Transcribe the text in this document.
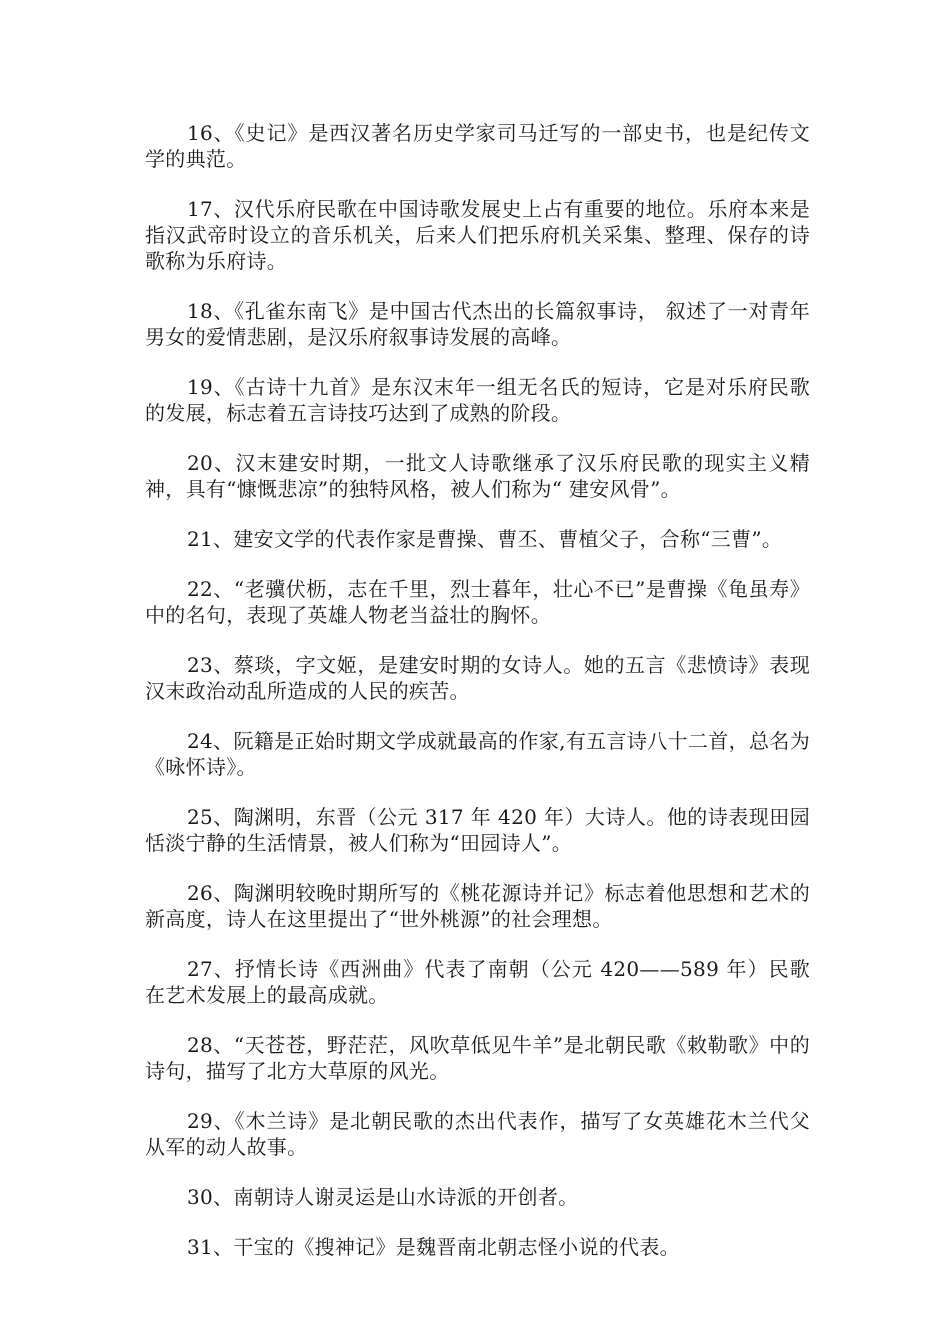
16、《史记》是西汉著名历史学家司马迁写的一部史书，也是纪传文学的典范。

17、汉代乐府民歌在中国诗歌发展史上占有重要的地位。乐府本来是指汉武帝时设立的音乐机关，后来人们把乐府机关采集、整理、保存的诗歌称为乐府诗。

18、《孔雀东南飞》是中国古代杰出的长篇叙事诗， 叙述了一对青年男女的爱情悲剧，是汉乐府叙事诗发展的高峰。

19、《古诗十九首》是东汉末年一组无名氏的短诗，它是对乐府民歌的发展，标志着五言诗技巧达到了成熟的阶段。

20、汉末建安时期，一批文人诗歌继承了汉乐府民歌的现实主义精神，具有“慷慨悲凉”的独特风格，被人们称为“ 建安风骨”。

21、建安文学的代表作家是曹操、曹丕、曹植父子，合称“三曹”。

22、“老骥伏枥，志在千里，烈士暮年，壮心不已”是曹操《龟虽寿》中的名句，表现了英雄人物老当益壮的胸怀。

23、蔡琰，字文姬，是建安时期的女诗人。她的五言《悲愤诗》表现汉末政治动乱所造成的人民的疾苦。

24、阮籍是正始时期文学成就最高的作家,有五言诗八十二首，总名为《咏怀诗》。

25、陶渊明，东晋（公元 317 年 420 年）大诗人。他的诗表现田园恬淡宁静的生活情景，被人们称为“田园诗人”。

26、陶渊明较晚时期所写的《桃花源诗并记》标志着他思想和艺术的新高度，诗人在这里提出了“世外桃源”的社会理想。

27、抒情长诗《西洲曲》代表了南朝（公元 420——589 年）民歌在艺术发展上的最高成就。

28、“天苍苍，野茫茫，风吹草低见牛羊”是北朝民歌《敕勒歌》中的诗句，描写了北方大草原的风光。

29、《木兰诗》是北朝民歌的杰出代表作，描写了女英雄花木兰代父从军的动人故事。

30、南朝诗人谢灵运是山水诗派的开创者。

31、干宝的《搜神记》是魏晋南北朝志怪小说的代表。
